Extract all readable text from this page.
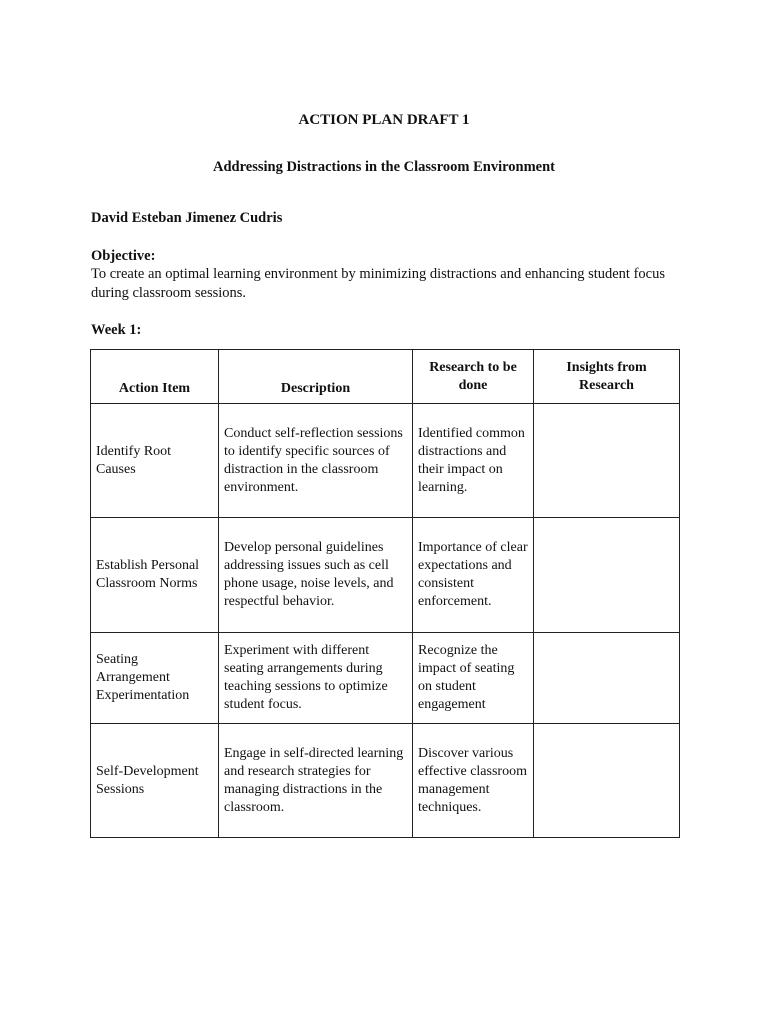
ACTION PLAN DRAFT 1
Addressing Distractions in the Classroom Environment
David Esteban Jimenez Cudris
Objective:
To create an optimal learning environment by minimizing distractions and enhancing student focus during classroom sessions.
Week 1:
Action Item	Description	Research to be done	Insights from Research
Identify Root Causes	Conduct self-reflection sessions to identify specific sources of distraction in the classroom environment.	Identified common distractions and their impact on learning.	
Establish Personal Classroom Norms	Develop personal guidelines addressing issues such as cell phone usage, noise levels, and respectful behavior.	Importance of clear expectations and consistent enforcement.	
Seating Arrangement Experimentation	Experiment with different seating arrangements during teaching sessions to optimize student focus.	Recognize the impact of seating on student engagement	
Self-Development Sessions	Engage in self-directed learning and research strategies for managing distractions in the classroom.	Discover various effective classroom management techniques.	
